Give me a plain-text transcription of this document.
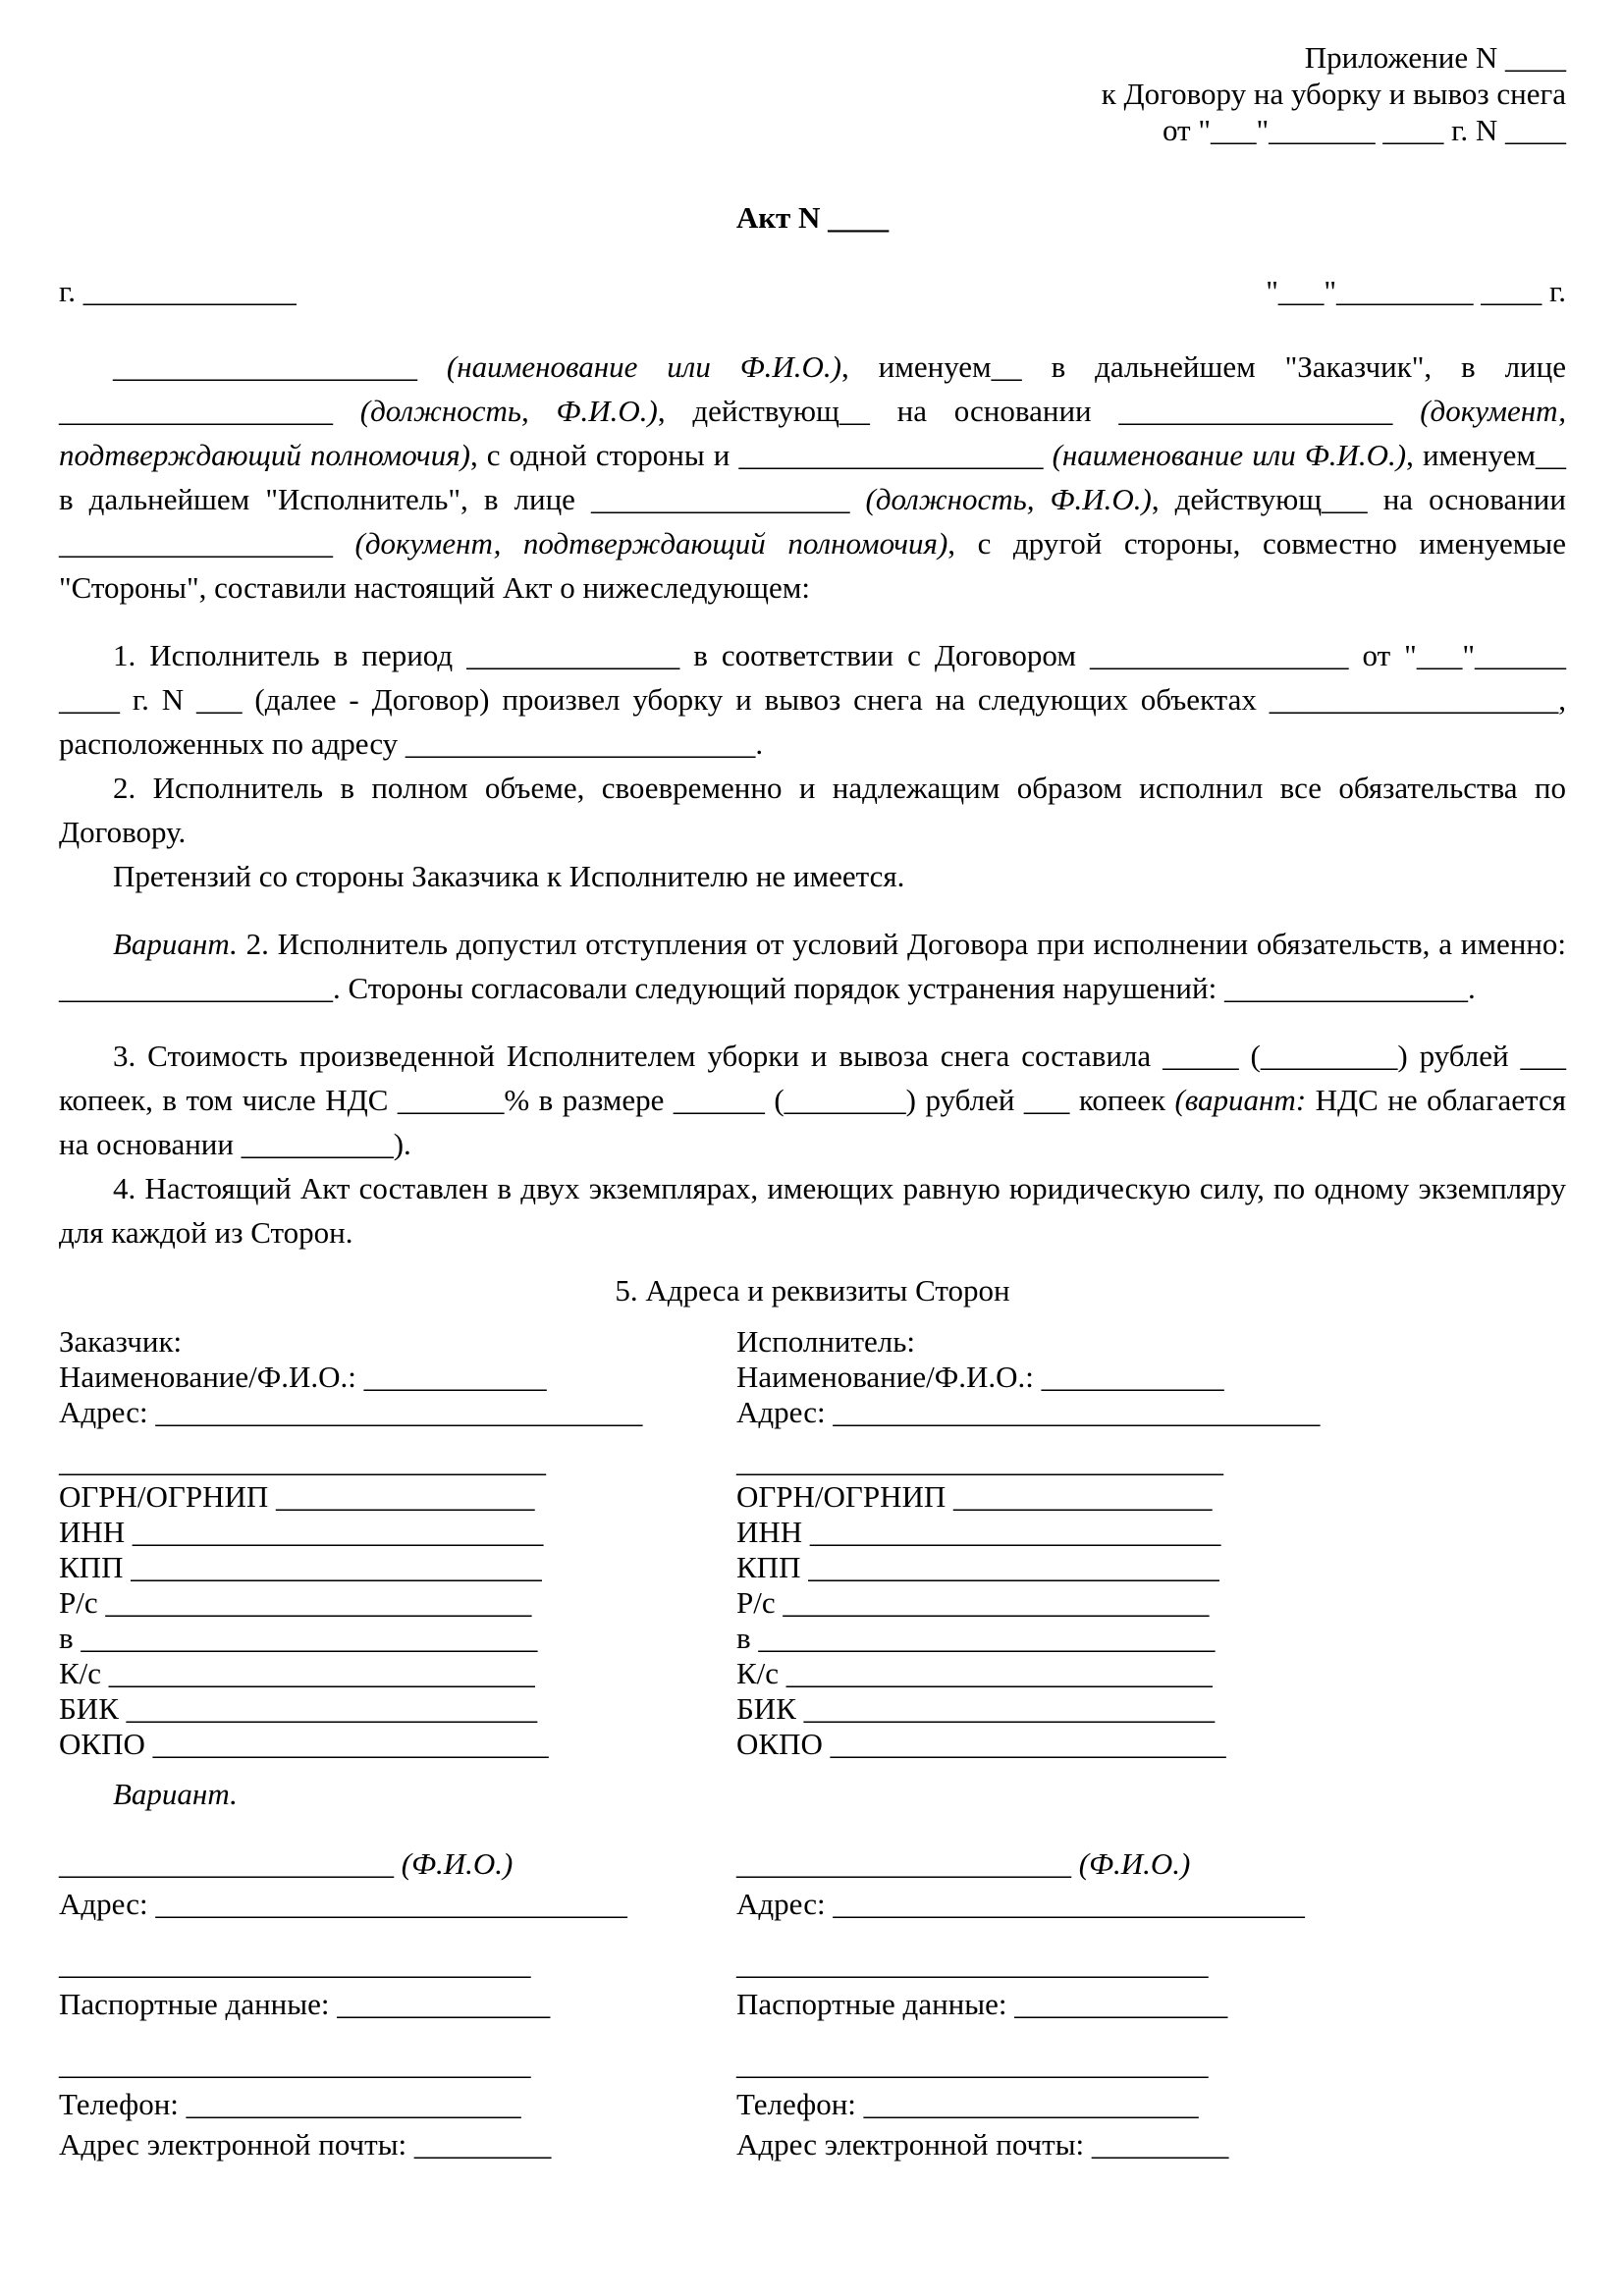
Приложение N ____
к Договору на уборку и вывоз снега
от "___"_______ ____ г. N ____
Акт N ____
г. ______________	"___"_________ ____ г.

____________________ (наименование или Ф.И.О.), именуем__ в дальнейшем "Заказчик", в лице __________________ (должность, Ф.И.О.), действующ__ на основании __________________ (документ, подтверждающий полномочия), с одной стороны и ____________________ (наименование или Ф.И.О.), именуем__ в дальнейшем "Исполнитель", в лице _________________ (должность, Ф.И.О.), действующ___ на основании __________________ (документ, подтверждающий полномочия), с другой стороны, совместно именуемые "Стороны", составили настоящий Акт о нижеследующем:

1. Исполнитель в период ______________ в соответствии с Договором _________________ от "___"______ ____ г. N ___ (далее - Договор) произвел уборку и вывоз снега на следующих объектах ___________________, расположенных по адресу _______________________.

2. Исполнитель в полном объеме, своевременно и надлежащим образом исполнил все обязательства по Договору.

Претензий со стороны Заказчика к Исполнителю не имеется.

Вариант. 2. Исполнитель допустил отступления от условий Договора при исполнении обязательств, а именно: __________________. Стороны согласовали следующий порядок устранения нарушений: ________________.

3. Стоимость произведенной Исполнителем уборки и вывоза снега составила _____ (_________) рублей ___ копеек, в том числе НДС _______% в размере ______ (________) рублей ___ копеек (вариант: НДС не облагается на основании __________).

4. Настоящий Акт составлен в двух экземплярах, имеющих равную юридическую силу, по одному экземпляру для каждой из Сторон.

5. Адреса и реквизиты Сторон
Заказчик:
Наименование/Ф.И.О.: ____________
Адрес: ________________________________
________________________________
ОГРН/ОГРНИП _________________
ИНН ___________________________
КПП ___________________________
Р/с ____________________________
в ______________________________
К/с ____________________________
БИК ___________________________
ОКПО __________________________
Исполнитель:
Наименование/Ф.И.О.: ____________
Адрес: ________________________________
________________________________
ОГРН/ОГРНИП _________________
ИНН ___________________________
КПП ___________________________
Р/с ____________________________
в ______________________________
К/с ____________________________
БИК ___________________________
ОКПО __________________________
Вариант.
______________________ (Ф.И.О.)
Адрес: _______________________________
_______________________________
Паспортные данные: ______________
_______________________________
Телефон: ______________________
Адрес электронной почты: _________
______________________ (Ф.И.О.)
Адрес: _______________________________
_______________________________
Паспортные данные: ______________
_______________________________
Телефон: ______________________
Адрес электронной почты: _________
